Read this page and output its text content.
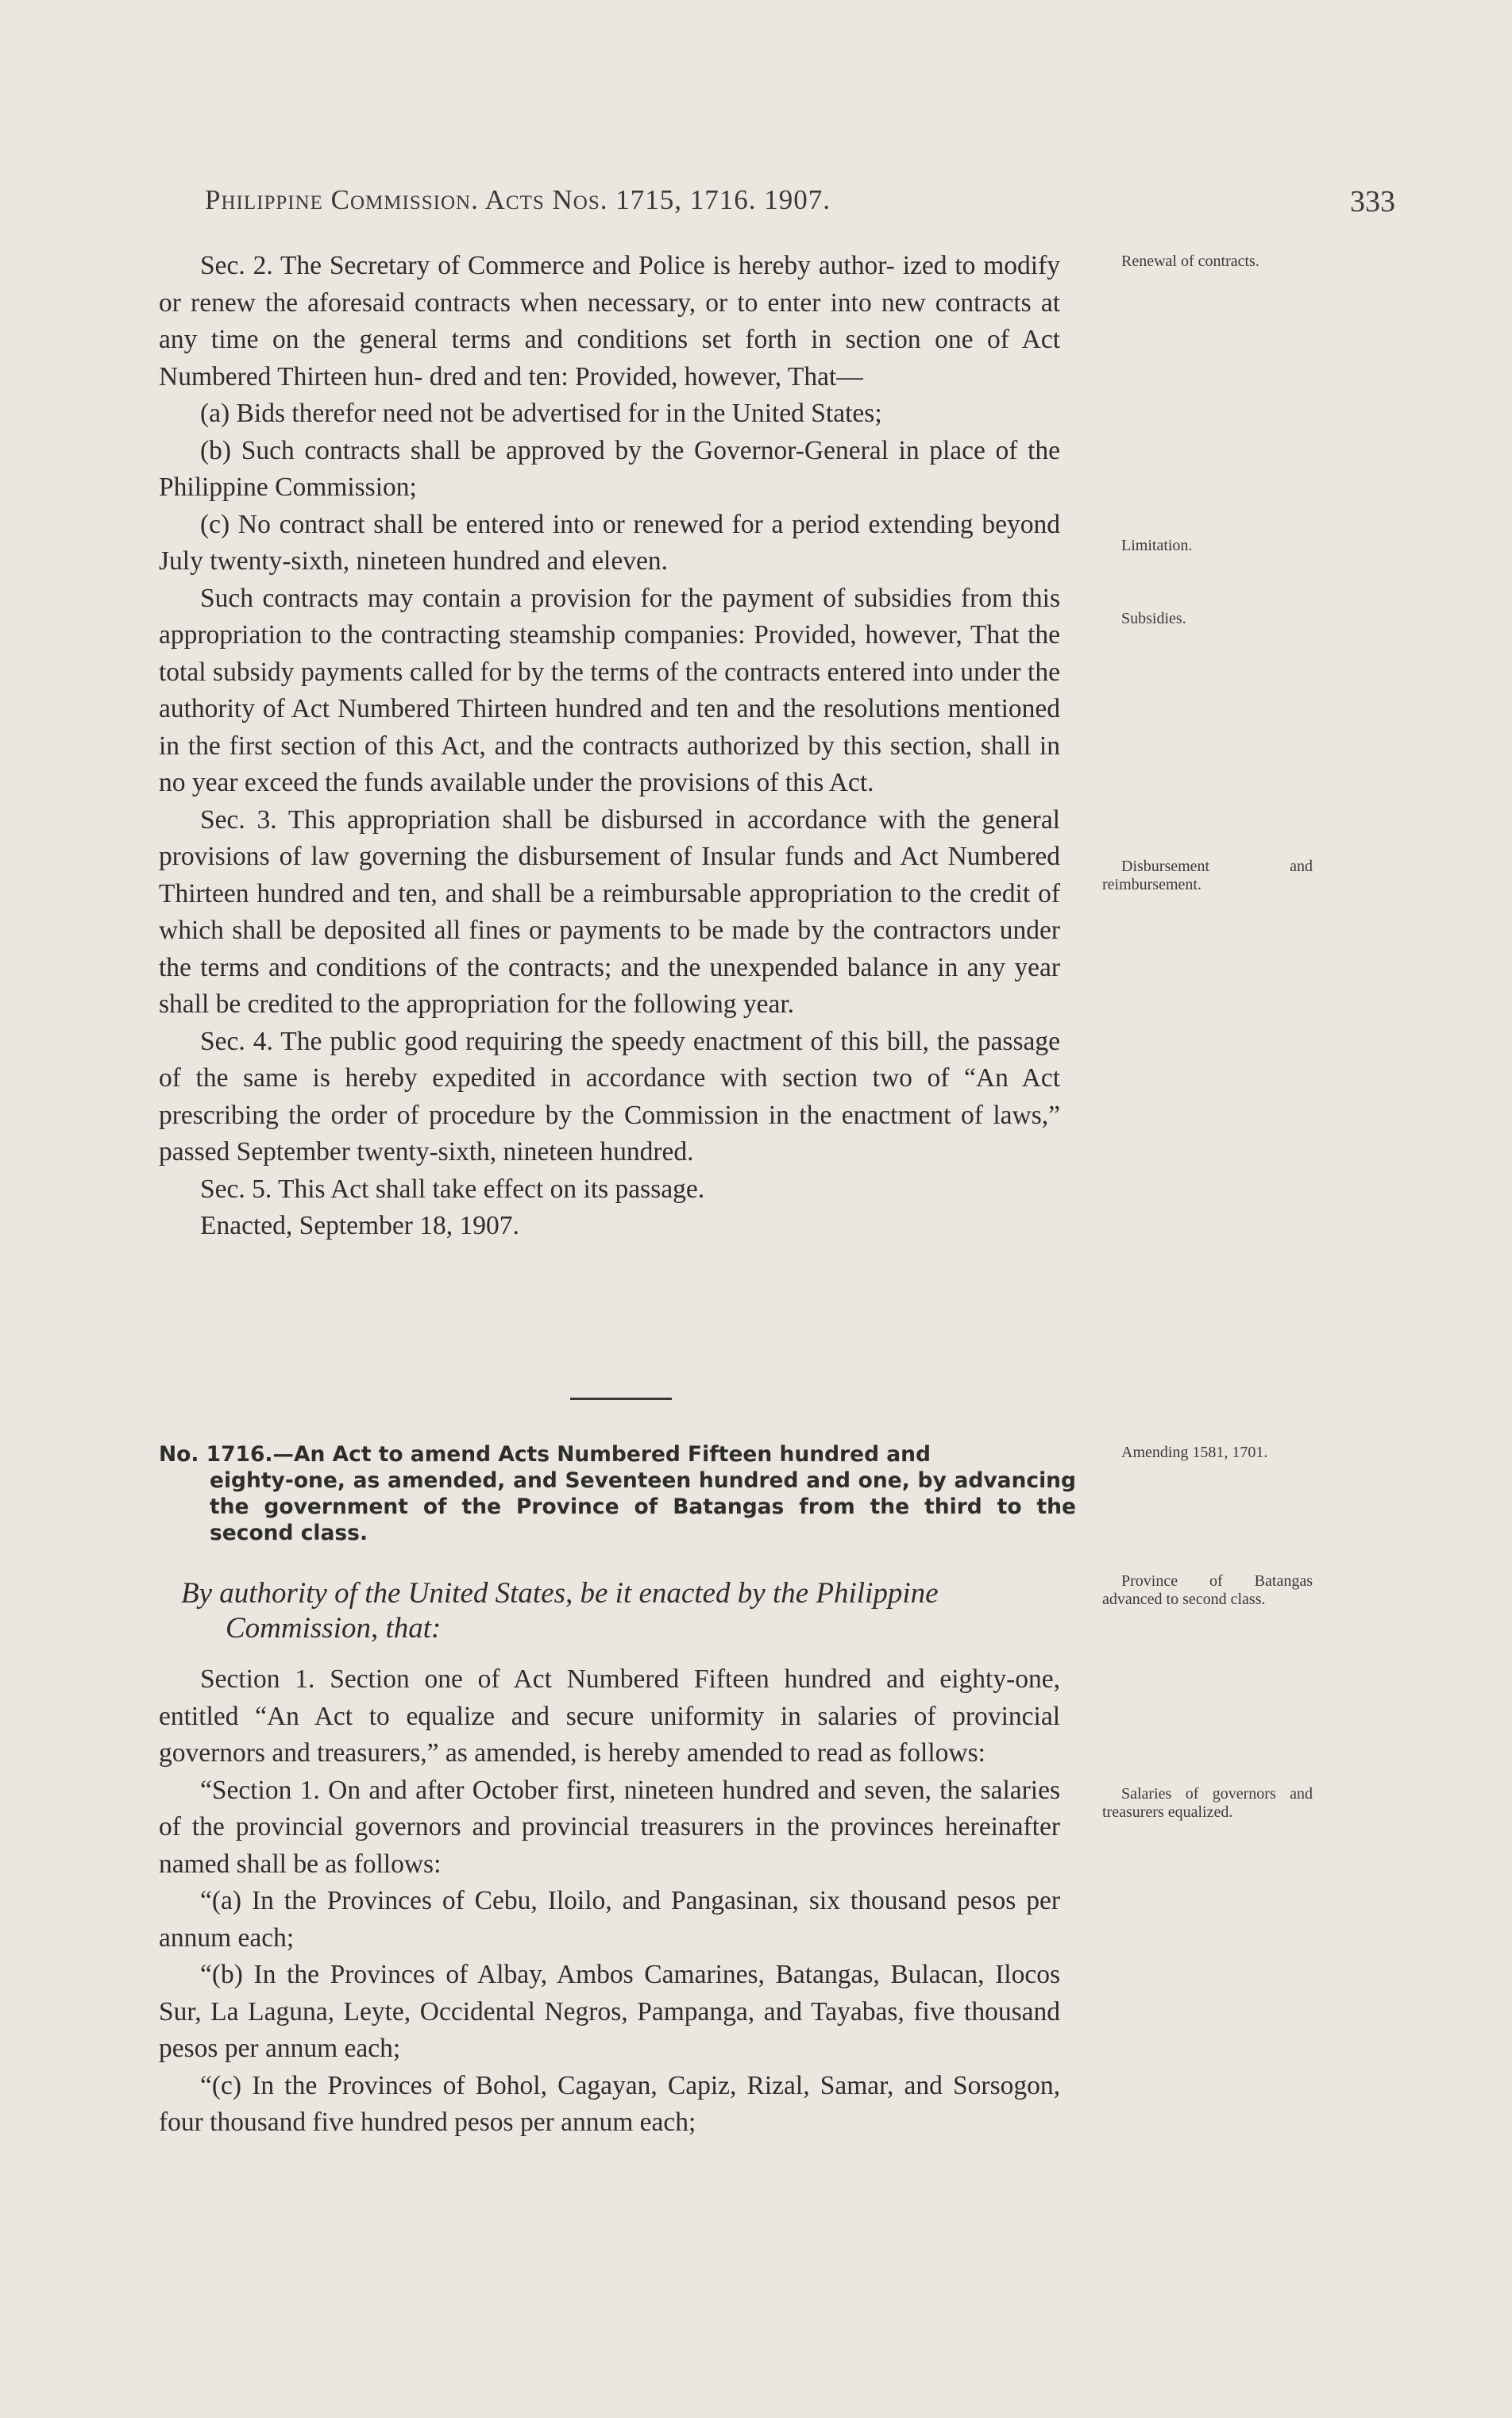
Philippine Commission. Acts Nos. 1715, 1716. 1907.	333

Sec. 2. The Secretary of Commerce and Police is hereby author- ized to modify or renew the aforesaid contracts when necessary, or to enter into new contracts at any time on the general terms and conditions set forth in section one of Act Numbered Thirteen hun- dred and ten: Provided, however, That—

(a) Bids therefor need not be advertised for in the United States;

(b) Such contracts shall be approved by the Governor-General in place of the Philippine Commission;

(c) No contract shall be entered into or renewed for a period extending beyond July twenty-sixth, nineteen hundred and eleven.

Such contracts may contain a provision for the payment of subsidies from this appropriation to the contracting steamship companies: Provided, however, That the total subsidy payments called for by the terms of the contracts entered into under the authority of Act Numbered Thirteen hundred and ten and the resolutions mentioned in the first section of this Act, and the contracts authorized by this section, shall in no year exceed the funds available under the provisions of this Act.

Sec. 3. This appropriation shall be disbursed in accordance with the general provisions of law governing the disbursement of Insular funds and Act Numbered Thirteen hundred and ten, and shall be a reimbursable appropriation to the credit of which shall be deposited all fines or payments to be made by the contractors under the terms and conditions of the contracts; and the unexpended balance in any year shall be credited to the appropriation for the following year.

Sec. 4. The public good requiring the speedy enactment of this bill, the passage of the same is hereby expedited in accordance with section two of “An Act prescribing the order of procedure by the Commission in the enactment of laws,” passed September twenty-sixth, nineteen hundred.

Sec. 5. This Act shall take effect on its passage.

Enacted, September 18, 1907.

Renewal of contracts.

Limitation.

Subsidies.

Disbursement and reimbursement.

No. 1716.—An Act to amend Acts Numbered Fifteen hundred and
eighty-one, as amended, and Seventeen hundred and one, by advancing the government of the Province of Batangas from the third to the second class.

Amending 1581, 1701.

By authority of the United States, be it enacted by the Philippine
Commission, that:

Province of Batangas advanced to second class.

Section 1. Section one of Act Numbered Fifteen hundred and eighty-one, entitled “An Act to equalize and secure uniformity in salaries of provincial governors and treasurers,” as amended, is hereby amended to read as follows:

“Section 1. On and after October first, nineteen hundred and seven, the salaries of the provincial governors and provincial treasurers in the provinces hereinafter named shall be as follows:

“(a) In the Provinces of Cebu, Iloilo, and Pangasinan, six thousand pesos per annum each;

“(b) In the Provinces of Albay, Ambos Camarines, Batangas, Bulacan, Ilocos Sur, La Laguna, Leyte, Occidental Negros, Pampanga, and Tayabas, five thousand pesos per annum each;

“(c) In the Provinces of Bohol, Cagayan, Capiz, Rizal, Samar, and Sorsogon, four thousand five hundred pesos per annum each;

Salaries of governors and treasurers equalized.
